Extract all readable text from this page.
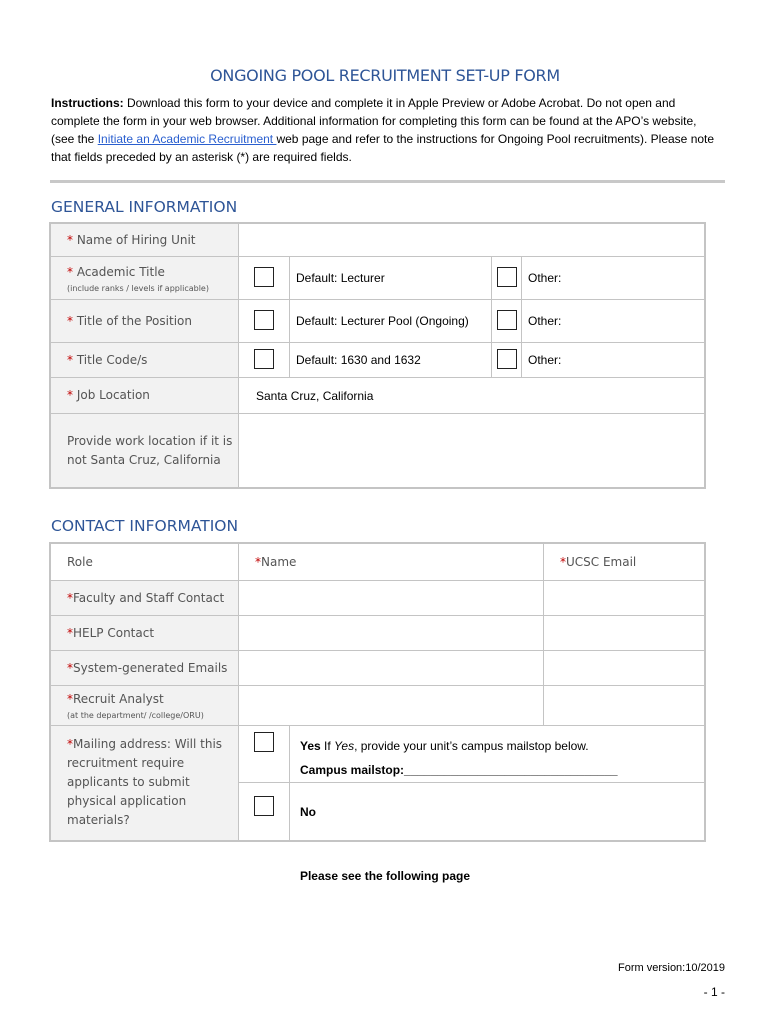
ONGOING POOL RECRUITMENT SET-UP FORM
Instructions: Download this form to your device and complete it in Apple Preview or Adobe Acrobat. Do not open and complete the form in your web browser. Additional information for completing this form can be found at the APO’s website, (see the Initiate an Academic Recruitment web page and refer to the instructions for Ongoing Pool recruitments). Please note that fields preceded by an asterisk (*) are required fields.
GENERAL INFORMATION
* Name of Hiring Unit				
* Academic Title
(include ranks / levels if applicable)		Default: Lecturer		Other:
* Title of the Position		Default: Lecturer Pool (Ongoing)		Other:
* Title Code/s		Default: 1630 and 1632		Other:
* Job Location	Santa Cruz, California			
Provide work location if it is not Santa Cruz, California				
CONTACT INFORMATION
Role	*Name		*UCSC Email
*Faculty and Staff Contact			
*HELP Contact			
*System-generated Emails			
*Recruit Analyst
(at the department/ /college/ORU)			

*Mailing address: Will this recruitment require applicants to submit physical application materials?		Yes If Yes, provide your unit’s campus mailstop below.
Campus mailstop:________________________________	
		No	
Please see the following page
Form version:10/2019
- 1 -
